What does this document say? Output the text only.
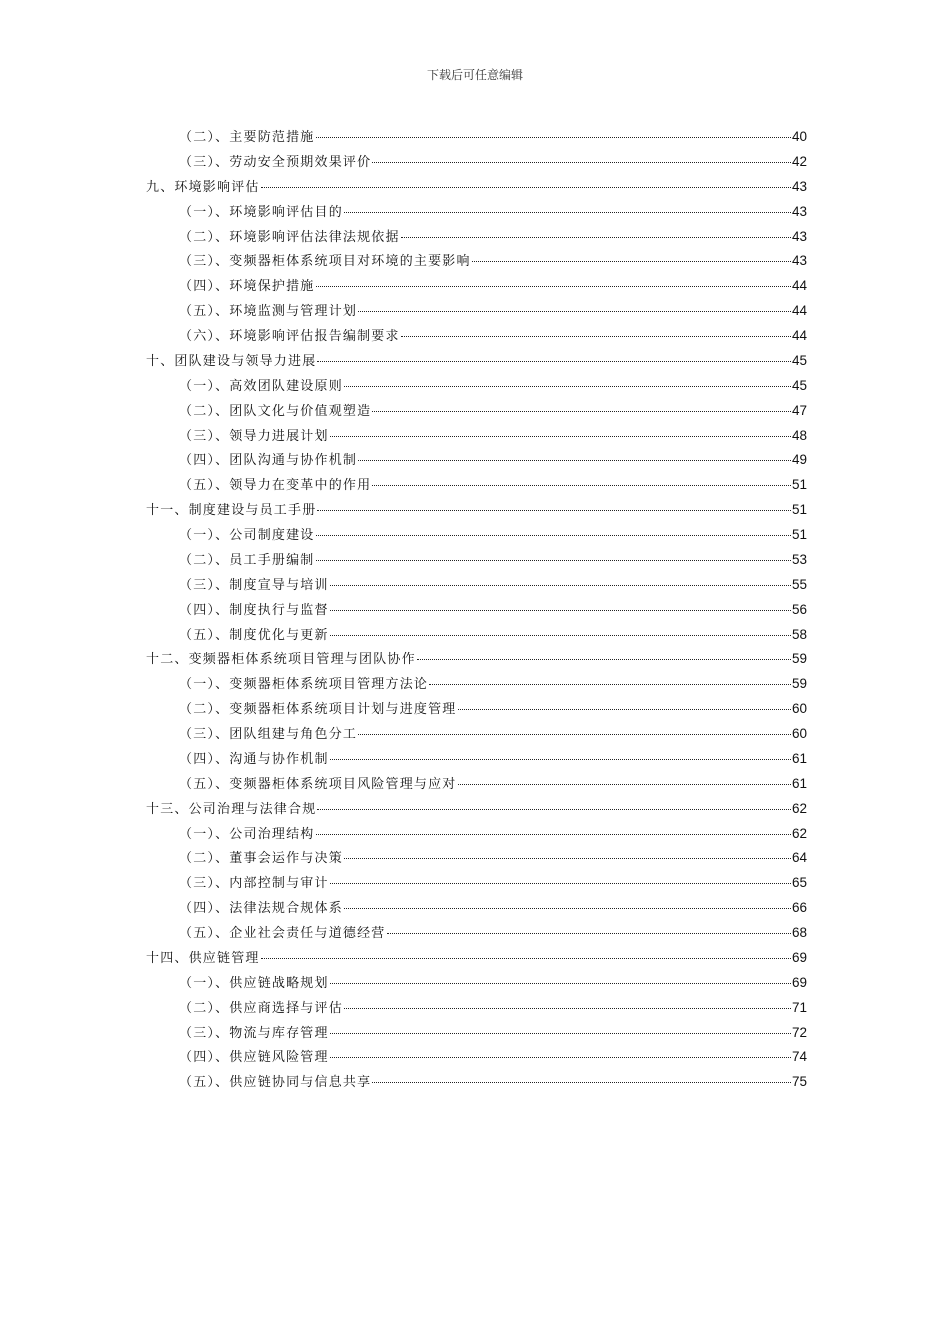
下载后可任意编辑
（二）、主要防范措施	40
（三）、劳动安全预期效果评价	42
九、环境影响评估	43
（一）、环境影响评估目的	43
（二）、环境影响评估法律法规依据	43
（三）、变频器柜体系统项目对环境的主要影响	43
（四）、环境保护措施	44
（五）、环境监测与管理计划	44
（六）、环境影响评估报告编制要求	44
十、团队建设与领导力进展	45
（一）、高效团队建设原则	45
（二）、团队文化与价值观塑造	47
（三）、领导力进展计划	48
（四）、团队沟通与协作机制	49
（五）、领导力在变革中的作用	51
十一、制度建设与员工手册	51
（一）、公司制度建设	51
（二）、员工手册编制	53
（三）、制度宣导与培训	55
（四）、制度执行与监督	56
（五）、制度优化与更新	58
十二、变频器柜体系统项目管理与团队协作	59
（一）、变频器柜体系统项目管理方法论	59
（二）、变频器柜体系统项目计划与进度管理	60
（三）、团队组建与角色分工	60
（四）、沟通与协作机制	61
（五）、变频器柜体系统项目风险管理与应对	61
十三、公司治理与法律合规	62
（一）、公司治理结构	62
（二）、董事会运作与决策	64
（三）、内部控制与审计	65
（四）、法律法规合规体系	66
（五）、企业社会责任与道德经营	68
十四、供应链管理	69
（一）、供应链战略规划	69
（二）、供应商选择与评估	71
（三）、物流与库存管理	72
（四）、供应链风险管理	74
（五）、供应链协同与信息共享	75
